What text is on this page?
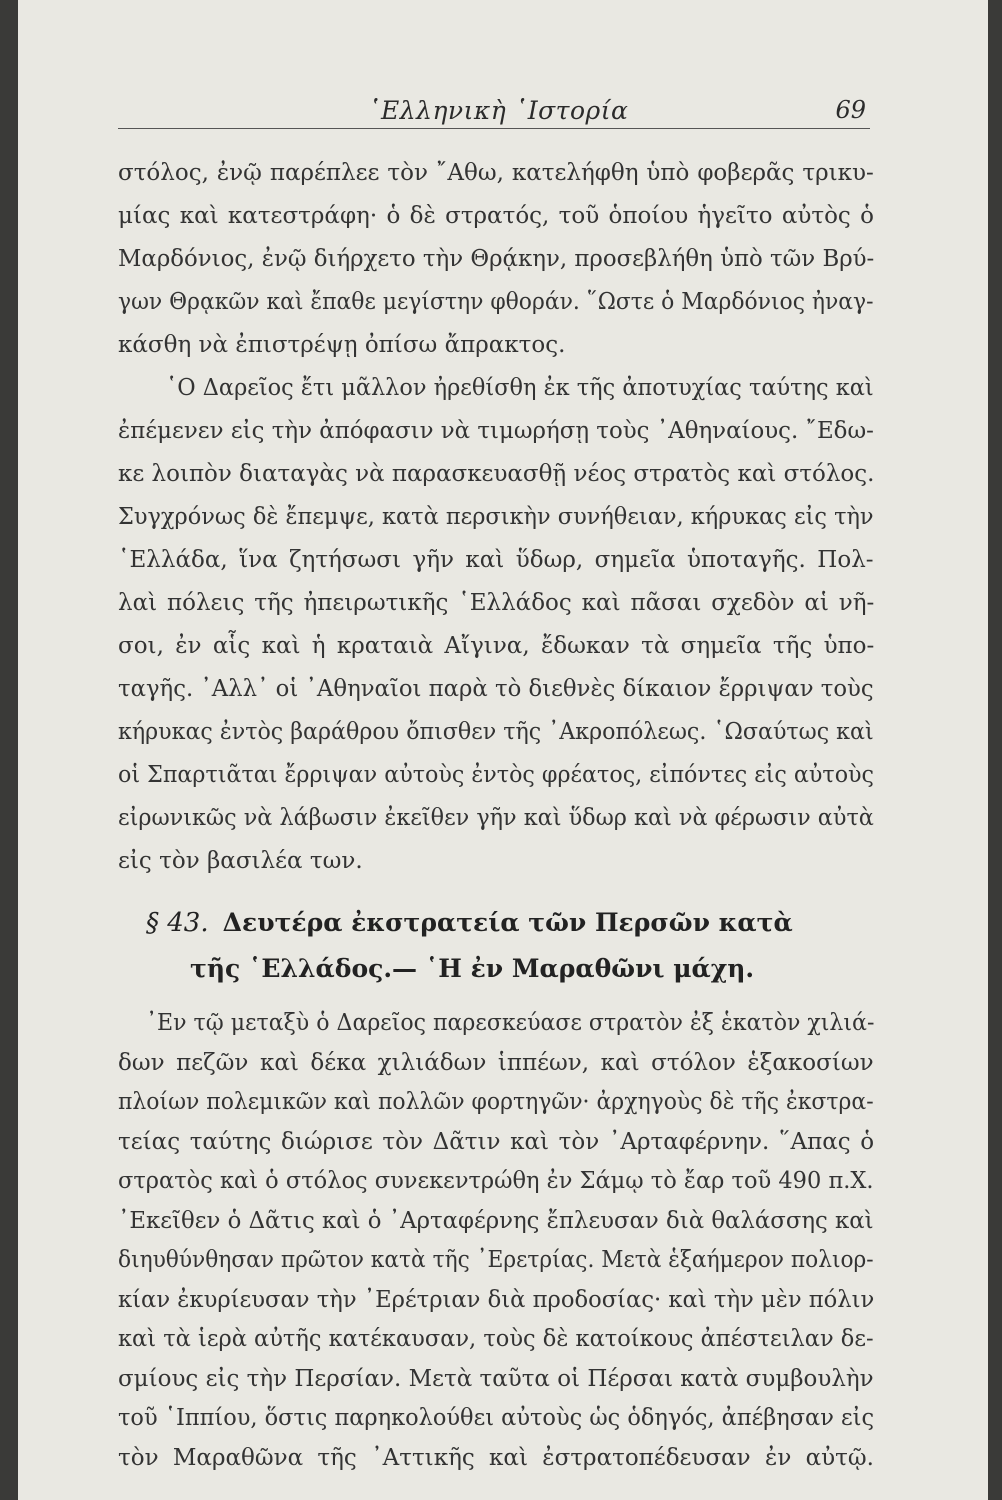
῾Ελληνικὴ ῾Ιστορία	69
στόλος, ἐνῷ παρέπλεε τὸν ῎Αθω, κατελήφθη ὑπὸ φοβερᾶς τρικυ-
μίας καὶ κατεστράφη· ὁ δὲ στρατός, τοῦ ὁποίου ἡγεῖτο αὐτὸς ὁ
Μαρδόνιος, ἐνῷ διήρχετο τὴν Θρᾴκην, προσεβλήθη ὑπὸ τῶν Βρύ-
γων Θρᾳκῶν καὶ ἔπαθε μεγίστην φθοράν. ῞Ωστε ὁ Μαρδόνιος ἠναγ-
κάσθη νὰ ἐπιστρέψῃ ὀπίσω ἄπρακτος.
῾Ο Δαρεῖος ἔτι μᾶλλον ἠρεθίσθη ἐκ τῆς ἀποτυχίας ταύτης καὶ
ἐπέμενεν εἰς τὴν ἀπόφασιν νὰ τιμωρήσῃ τοὺς ᾿Αθηναίους. ῎Εδω-
κε λοιπὸν διαταγὰς νὰ παρασκευασθῇ νέος στρατὸς καὶ στόλος.
Συγχρόνως δὲ ἔπεμψε, κατὰ περσικὴν συνήθειαν, κήρυκας εἰς τὴν
῾Ελλάδα, ἵνα ζητήσωσι γῆν καὶ ὕδωρ, σημεῖα ὑποταγῆς. Πολ-
λαὶ πόλεις τῆς ἠπειρωτικῆς ῾Ελλάδος καὶ πᾶσαι σχεδὸν αἱ νῆ-
σοι, ἐν αἷς καὶ ἡ κραταιὰ Αἴγινα, ἔδωκαν τὰ σημεῖα τῆς ὑπο-
ταγῆς. ᾿Αλλ᾿ οἱ ᾿Αθηναῖοι παρὰ τὸ διεθνὲς δίκαιον ἔρριψαν τοὺς
κήρυκας ἐντὸς βαράθρου ὄπισθεν τῆς ᾿Ακροπόλεως. ῾Ωσαύτως καὶ
οἱ Σπαρτιᾶται ἔρριψαν αὐτοὺς ἐντὸς φρέατος, εἰπόντες εἰς αὐτοὺς
εἰρωνικῶς νὰ λάβωσιν ἐκεῖθεν γῆν καὶ ὕδωρ καὶ νὰ φέρωσιν αὐτὰ
εἰς τὸν βασιλέα των.
§ 43. Δευτέρα ἐκστρατεία τῶν Περσῶν κατὰ
τῆς ῾Ελλάδος.— ῾Η ἐν Μαραθῶνι μάχη.
᾿Εν τῷ μεταξὺ ὁ Δαρεῖος παρεσκεύασε στρατὸν ἐξ ἑκατὸν χιλιά-
δων πεζῶν καὶ δέκα χιλιάδων ἱππέων, καὶ στόλον ἑξακοσίων
πλοίων πολεμικῶν καὶ πολλῶν φορτηγῶν· ἀρχηγοὺς δὲ τῆς ἐκστρα-
τείας ταύτης διώρισε τὸν Δᾶτιν καὶ τὸν ᾿Αρταφέρνην. ῞Απας ὁ
στρατὸς καὶ ὁ στόλος συνεκεντρώθη ἐν Σάμῳ τὸ ἔαρ τοῦ 490 π.Χ.
᾿Εκεῖθεν ὁ Δᾶτις καὶ ὁ ᾿Αρταφέρνης ἔπλευσαν διὰ θαλάσσης καὶ
διηυθύνθησαν πρῶτον κατὰ τῆς ᾿Ερετρίας. Μετὰ ἑξαήμερον πολιορ-
κίαν ἐκυρίευσαν τὴν ᾿Ερέτριαν διὰ προδοσίας· καὶ τὴν μὲν πόλιν
καὶ τὰ ἱερὰ αὐτῆς κατέκαυσαν, τοὺς δὲ κατοίκους ἀπέστειλαν δε-
σμίους εἰς τὴν Περσίαν. Μετὰ ταῦτα οἱ Πέρσαι κατὰ συμβουλὴν
τοῦ ῾Ιππίου, ὅστις παρηκολούθει αὐτοὺς ὡς ὁδηγός, ἀπέβησαν εἰς
τὸν Μαραθῶνα τῆς ᾿Αττικῆς καὶ ἐστρατοπέδευσαν ἐν αὐτῷ.
